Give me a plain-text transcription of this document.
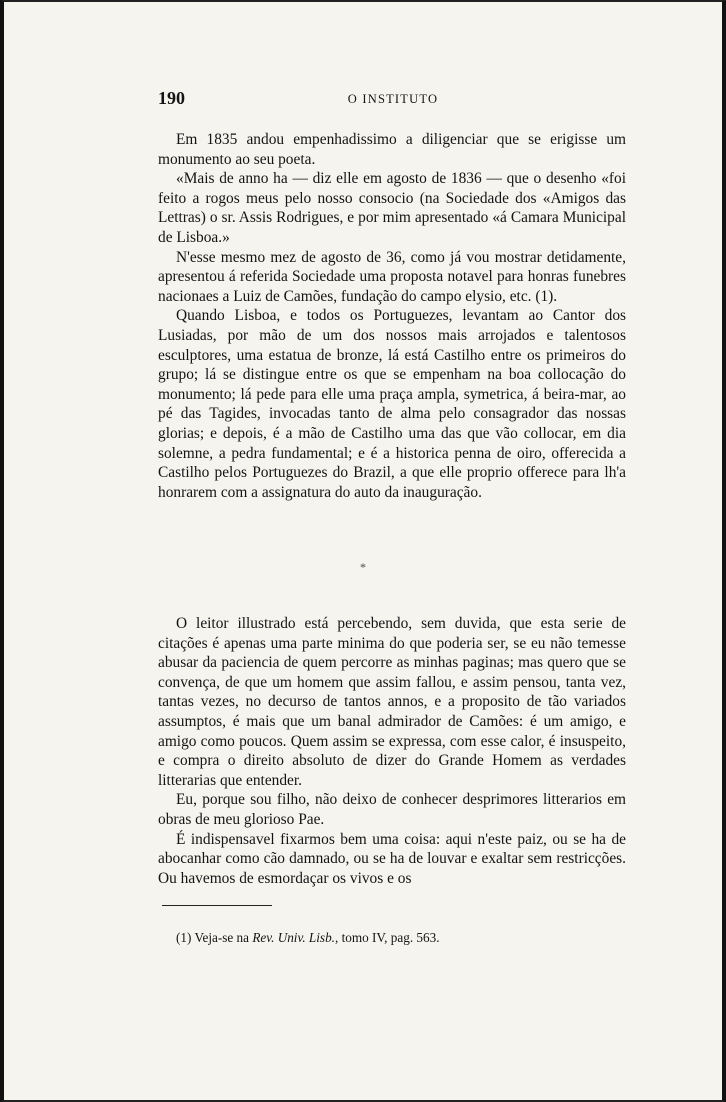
190	O INSTITUTO

Em 1835 andou empenhadissimo a diligenciar que se erigisse um monumento ao seu poeta.

«Mais de anno ha — diz elle em agosto de 1836 — que o desenho «foi feito a rogos meus pelo nosso consocio (na Sociedade dos «Amigos das Lettras) o sr. Assis Rodrigues, e por mim apresentado «á Camara Municipal de Lisboa.»

N'esse mesmo mez de agosto de 36, como já vou mostrar detidamente, apresentou á referida Sociedade uma proposta notavel para honras funebres nacionaes a Luiz de Camões, fundação do campo elysio, etc. (1).

Quando Lisboa, e todos os Portuguezes, levantam ao Cantor dos Lusiadas, por mão de um dos nossos mais arrojados e talentosos esculptores, uma estatua de bronze, lá está Castilho entre os primeiros do grupo; lá se distingue entre os que se empenham na boa collocação do monumento; lá pede para elle uma praça ampla, symetrica, á beira-mar, ao pé das Tagides, invocadas tanto de alma pelo consagrador das nossas glorias; e depois, é a mão de Castilho uma das que vão collocar, em dia solemne, a pedra fundamental; e é a historica penna de oiro, offerecida a Castilho pelos Portuguezes do Brazil, a que elle proprio offerece para lh'a honrarem com a assignatura do auto da inauguração.

*

O leitor illustrado está percebendo, sem duvida, que esta serie de citações é apenas uma parte minima do que poderia ser, se eu não temesse abusar da paciencia de quem percorre as minhas paginas; mas quero que se convença, de que um homem que assim fallou, e assim pensou, tanta vez, tantas vezes, no decurso de tantos annos, e a proposito de tão variados assumptos, é mais que um banal admirador de Camões: é um amigo, e amigo como poucos. Quem assim se expressa, com esse calor, é insuspeito, e compra o direito absoluto de dizer do Grande Homem as verdades litterarias que entender.

Eu, porque sou filho, não deixo de conhecer desprimores litterarios em obras de meu glorioso Pae.

É indispensavel fixarmos bem uma coisa: aqui n'este paiz, ou se ha de abocanhar como cão damnado, ou se ha de louvar e exaltar sem restricções. Ou havemos de esmordaçar os vivos e os

(1) Veja-se na Rev. Univ. Lisb., tomo IV, pag. 563.
